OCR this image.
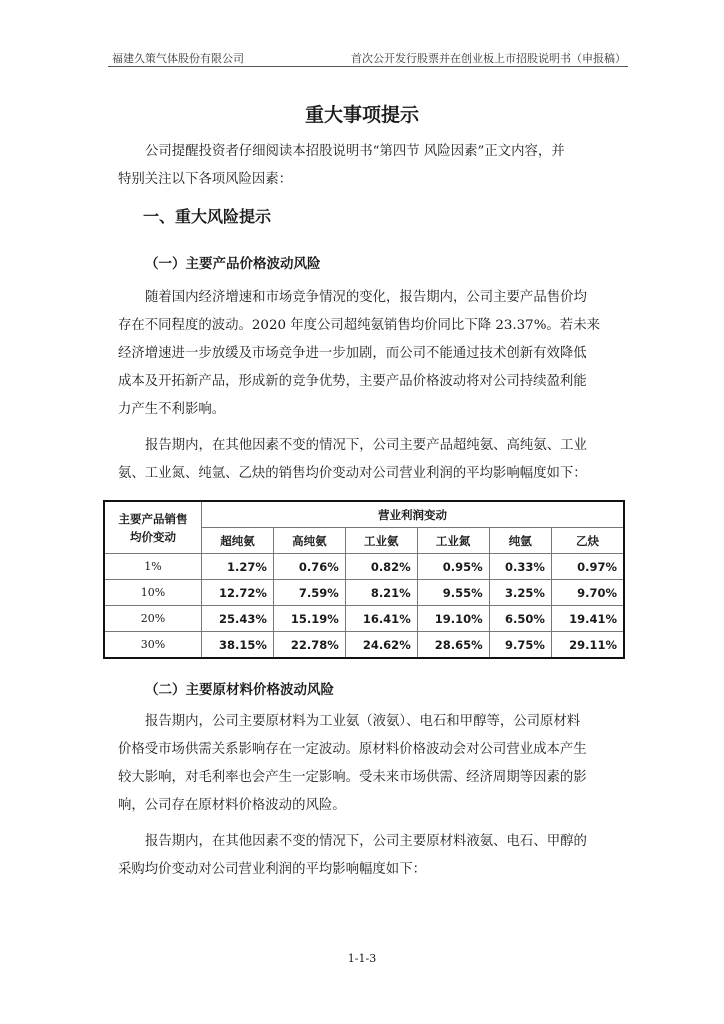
福建久策气体股份有限公司	首次公开发行股票并在创业板上市招股说明书（申报稿）
重大事项提示
公司提醒投资者仔细阅读本招股说明书“第四节 风险因素”正文内容，并
特别关注以下各项风险因素：
一、重大风险提示
（一）主要产品价格波动风险
随着国内经济增速和市场竞争情况的变化，报告期内，公司主要产品售价均
存在不同程度的波动。2020 年度公司超纯氨销售均价同比下降 23.37%。若未来
经济增速进一步放缓及市场竞争进一步加剧，而公司不能通过技术创新有效降低
成本及开拓新产品，形成新的竞争优势，主要产品价格波动将对公司持续盈利能
力产生不利影响。
报告期内，在其他因素不变的情况下，公司主要产品超纯氨、高纯氨、工业
氨、工业氮、纯氩、乙炔的销售均价变动对公司营业利润的平均影响幅度如下：
主要产品销售
均价变动	营业利润变动					
	超纯氨	高纯氨	工业氨	工业氮	纯氩	乙炔
1%	1.27%	0.76%	0.82%	0.95%	0.33%	0.97%
10%	12.72%	7.59%	8.21%	9.55%	3.25%	9.70%
20%	25.43%	15.19%	16.41%	19.10%	6.50%	19.41%
30%	38.15%	22.78%	24.62%	28.65%	9.75%	29.11%
（二）主要原材料价格波动风险
报告期内，公司主要原材料为工业氨（液氨）、电石和甲醇等，公司原材料
价格受市场供需关系影响存在一定波动。原材料价格波动会对公司营业成本产生
较大影响，对毛利率也会产生一定影响。受未来市场供需、经济周期等因素的影
响，公司存在原材料价格波动的风险。
报告期内，在其他因素不变的情况下，公司主要原材料液氨、电石、甲醇的
采购均价变动对公司营业利润的平均影响幅度如下：
1-1-3
